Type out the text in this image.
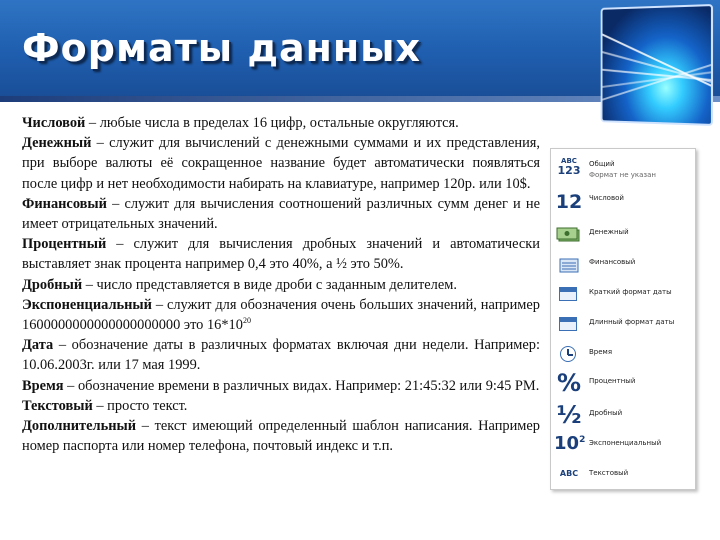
Форматы данных

Числовой – любые числа в пределах 16 цифр, остальные округляются.

Денежный – служит для вычислений с денежными суммами и их представления, при выборе валюты её сокращенное название будет автоматически появляться после цифр и нет необходимости набирать на клавиатуре, например 120р. или 10$.

Финансовый – служит для вычисления соотношений различных сумм денег и не имеет отрицательных значений.

Процентный – служит для вычисления дробных значений и автоматически выставляет знак процента например 0,4 это 40%, а ½ это 50%.

Дробный – число представляется в виде дроби с заданным делителем.

Экспоненциальный – служит для обозначения очень больших значений, например 1600000000000000000000 это $16*10^{20}$

Дата – обозначение даты в различных форматах включая дни недели. Например: 10.06.2003г. или 17 мая 1999.

Время – обозначение времени в различных видах. Например: 21:45:32 или 9:45 PM.

Текстовый – просто текст.

Дополнительный – текст имеющий определенный шаблон написания. Например номер паспорта или номер телефона, почтовый индекс и т.п.

ABC
123	Общий
Формат не указан
12 Числовой
Денежный
Финансовый
Краткий формат даты
Длинный формат даты
Время
%	Процентный
½	Дробный
$10^2$ Экспоненциальный
ABC	Текстовый
